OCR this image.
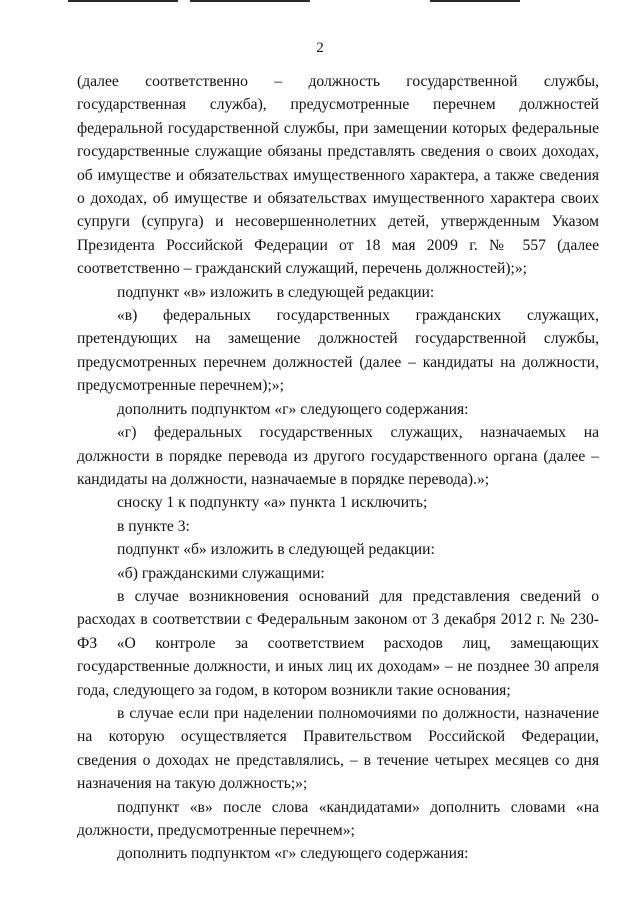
2

(далее соответственно – должность государственной службы, государственная служба), предусмотренные перечнем должностей федеральной государственной службы, при замещении которых федеральные государственные служащие обязаны представлять сведения о своих доходах, об имуществе и обязательствах имущественного характера, а также сведения о доходах, об имуществе и обязательствах имущественного характера своих супруги (супруга) и несовершеннолетних детей, утвержденным Указом Президента Российской Федерации от 18 мая 2009 г. № 557 (далее соответственно – гражданский служащий, перечень должностей);»;

подпункт «в» изложить в следующей редакции:

«в) федеральных государственных гражданских служащих, претендующих на замещение должностей государственной службы, предусмотренных перечнем должностей (далее – кандидаты на должности, предусмотренные перечнем);»;

дополнить подпунктом «г» следующего содержания:

«г) федеральных государственных служащих, назначаемых на должности в порядке перевода из другого государственного органа (далее – кандидаты на должности, назначаемые в порядке перевода).»;

сноску 1 к подпункту «а» пункта 1 исключить;

в пункте 3:

подпункт «б» изложить в следующей редакции:

«б) гражданскими служащими:

в случае возникновения оснований для представления сведений о расходах в соответствии с Федеральным законом от 3 декабря 2012 г. № 230-ФЗ «О контроле за соответствием расходов лиц, замещающих государственные должности, и иных лиц их доходам» – не позднее 30 апреля года, следующего за годом, в котором возникли такие основания;

в случае если при наделении полномочиями по должности, назначение на которую осуществляется Правительством Российской Федерации, сведения о доходах не представлялись, – в течение четырех месяцев со дня назначения на такую должность;»;

подпункт «в» после слова «кандидатами» дополнить словами «на должности, предусмотренные перечнем»;

дополнить подпунктом «г» следующего содержания:
